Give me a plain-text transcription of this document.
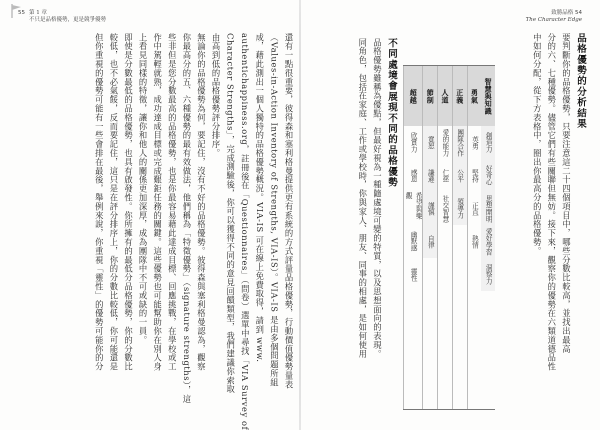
55 第 1 章
不只是品格優勢，更是競爭優勢
致勝品格 54
The Character Edge
品格優勢的分析結果
要判斷你的品格優勢，只要注意這二十四個項目中，哪些分數比較高，並找出最高
分的六、七種優勢。儘管它們有些關聯但無妨。接下來，觀察你的優勢在六類道德品性
中如何分配，從下方表格中，圈出你最高分的品格優勢。
智慧與知識
創造力
好奇心
思想開明
愛好學習
洞察力
勇氣
英勇
堅持
正直
熱情
正義
團隊合作
公平
領導力
人道
愛的能力
仁慈
社交智慧
節制
寬恕
謙遜
謹慎
自律
超越
欣賞力
感恩
希望與樂觀
幽默感
靈性
不同處境會展現不同的品格優勢
品格優勢雖稱為優點，但最好視為一種隨處境可變的特質，以及思想面向的表現。
同角色，包括在家庭、工作或學校時，你與家人、朋友、同事的相處，是如何使用
還有一點很重要，彼得森和塞利格曼提供更有系統的方式評量品格優勢，行動價值優勢量表
（Values-in-Action Inventory of Strengths, VIA-IS）。VIA-IS 是由多個問題所組
成，藉此測出一個人獨特的品格優勢概況。VIA-IS 可在線上免費取得，請到 www.
authentichappiness.org，註冊後在「Questionnaires」（問卷）選單中尋找「VIA Survey of
Character Strengths」，完成測驗後，你可以獲得不同的意見回饋類型，我們建議你索取
由高到低的品格優勢評分排序。
無論你的品格優勢為何，要記住，沒有不好的品格優勢。彼得森與塞利格曼認為，觀察
你最高分的五、六種優勢的最有效做法，他們稱為「特徵優勢」（signature strengths），這
些非但是您分數最高的品格優勢，也是你最容易藉此達成目標、回應挑戰，在學校或工
作中駕輕就熟，成功達成目標或完成艱鉅任務的關鍵。這些優勢也可能幫助你在別人身
上看見同樣的特徵，讓你和他人的關係更加深厚，成為團隊中不可或缺的一員。
即使是分數最低的品格優勢，也具有啟發性。你所擁有的最低分品格優勢，你的分數比
較低，也不必氣餒，反而要記住，這只是在評分排序上，你的分數比較低，你可能還是
但你重視的優勢可能有一些會排在最後，舉例來說，你重視「靈性」的優勢可能你的分
